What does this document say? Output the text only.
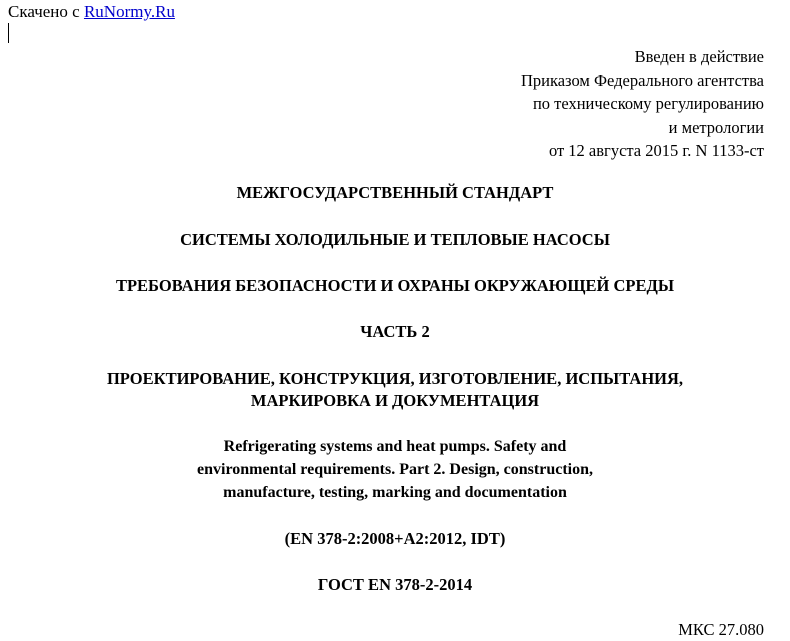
Скачено с RuNormy.Ru
Введен в действие
Приказом Федерального агентства
по техническому регулированию
и метрологии
от 12 августа 2015 г. N 1133-ст
МЕЖГОСУДАРСТВЕННЫЙ СТАНДАРТ
СИСТЕМЫ ХОЛОДИЛЬНЫЕ И ТЕПЛОВЫЕ НАСОСЫ
ТРЕБОВАНИЯ БЕЗОПАСНОСТИ И ОХРАНЫ ОКРУЖАЮЩЕЙ СРЕДЫ
ЧАСТЬ 2
ПРОЕКТИРОВАНИЕ, КОНСТРУКЦИЯ, ИЗГОТОВЛЕНИЕ, ИСПЫТАНИЯ,
МАРКИРОВКА И ДОКУМЕНТАЦИЯ
Refrigerating systems and heat pumps. Safety and
environmental requirements. Part 2. Design, construction,
manufacture, testing, marking and documentation
(EN 378-2:2008+A2:2012, IDT)
ГОСТ EN 378-2-2014
МКС 27.080
